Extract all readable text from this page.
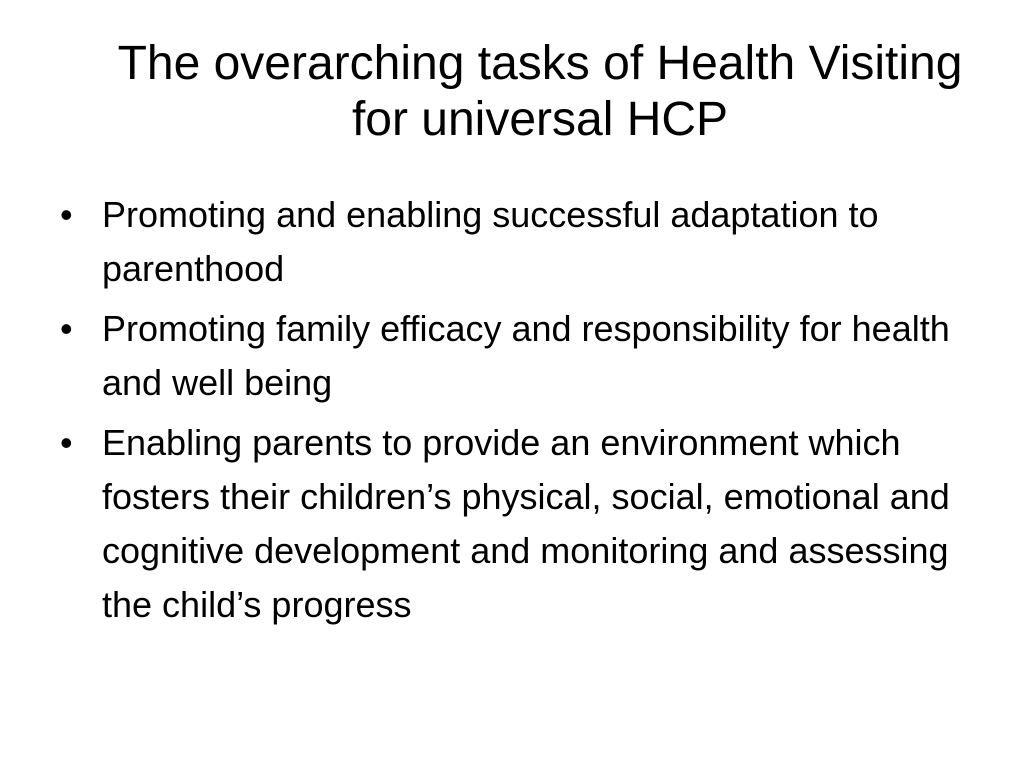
The overarching tasks of Health Visiting for universal HCP
• Promoting and enabling successful adaptation to parenthood
• Promoting family efficacy and responsibility for health and well being
• Enabling parents to provide an environment which fosters their children’s physical, social, emotional and cognitive development and monitoring and assessing the child’s progress
